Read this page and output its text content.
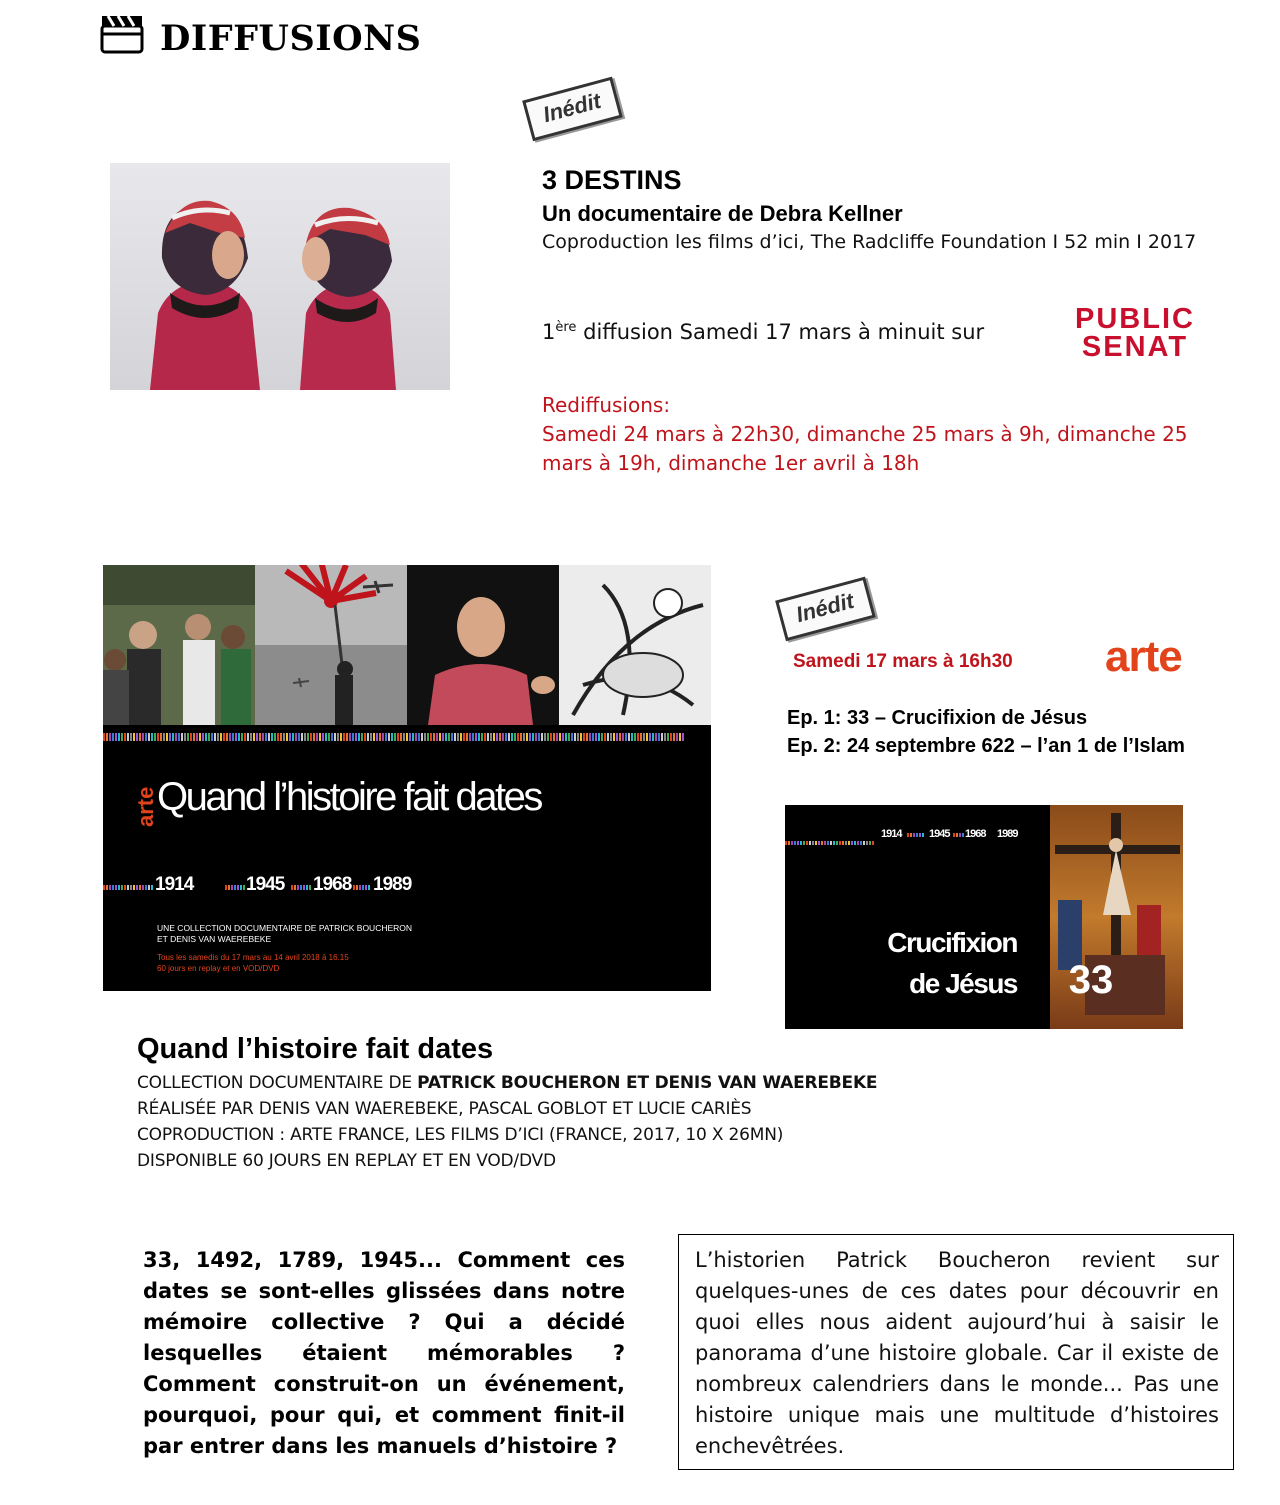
DIFFUSIONS
Inédit
3 DESTINS
Un documentaire de Debra Kellner
Coproduction les films d’ici, The Radcliffe Foundation I 52 min I 2017
1ère diffusion Samedi 17 mars à minuit sur	PUBLIC
SENAT
Rediffusions:
Samedi 24 mars à 22h30, dimanche 25 mars à 9h, dimanche 25 mars à 19h, dimanche 1er avril à 18h
arte Quand l’histoire fait dates
1914	1945 1968 1989
UNE COLLECTION DOCUMENTAIRE DE PATRICK BOUCHERON
ET DENIS VAN WAEREBEKE
Tous les samedis du 17 mars au 14 avril 2018 à 16.15
60 jours en replay et en VOD/DVD
Inédit
Samedi 17 mars à 16h30 arte
Ep. 1: 33 – Crucifixion de Jésus
Ep. 2: 24 septembre 622 – l’an 1 de l’Islam
1914	1945 1968 1989
Crucifixion
de Jésus 33
Quand l’histoire fait dates
COLLECTION DOCUMENTAIRE DE PATRICK BOUCHERON ET DENIS VAN WAEREBEKE
RÉALISÉE PAR DENIS VAN WAEREBEKE, PASCAL GOBLOT ET LUCIE CARIÈS
COPRODUCTION : ARTE FRANCE, LES FILMS D’ICI (FRANCE, 2017, 10 X 26MN)
DISPONIBLE 60 JOURS EN REPLAY ET EN VOD/DVD
33, 1492, 1789, 1945... Comment ces dates se sont-elles glissées dans notre mémoire collective ? Qui a décidé lesquelles étaient mémorables ? Comment construit-on un événement, pourquoi, pour qui, et comment finit-il par entrer dans les manuels d’histoire ?
L’historien Patrick Boucheron revient sur quelques-unes de ces dates pour découvrir en quoi elles nous aident aujourd’hui à saisir le panorama d’une histoire globale. Car il existe de nombreux calendriers dans le monde... Pas une histoire unique mais une multitude d’histoires enchevêtrées.
